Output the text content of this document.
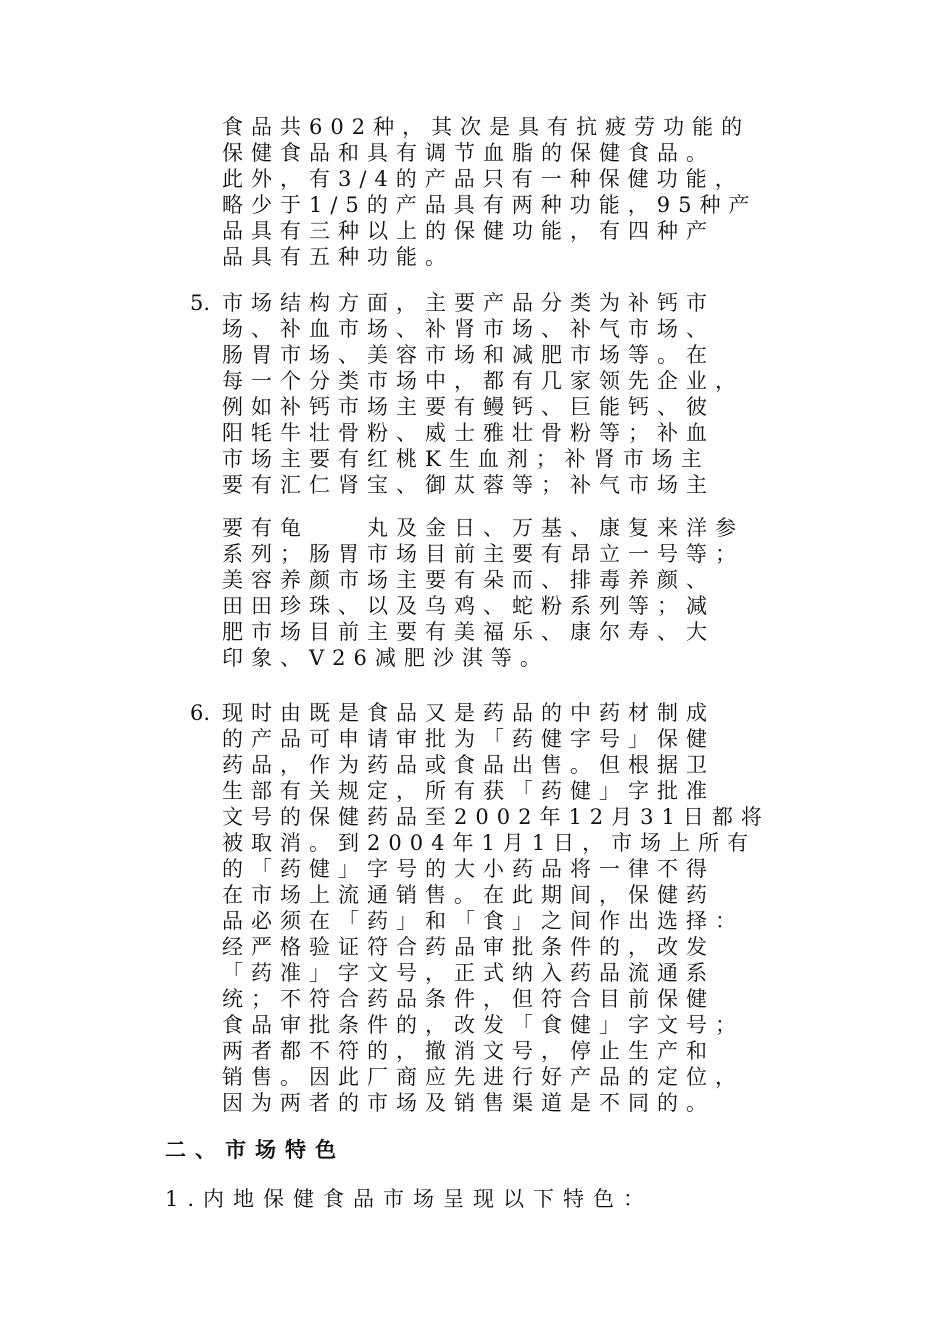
食品共602种，其次是具有抗疲劳功能的
保健食品和具有调节血脂的保健食品。
此外，有3/4的产品只有一种保健功能，
略少于1/5的产品具有两种功能，95种产
品具有三种以上的保健功能，有四种产
品具有五种功能。
5. 市场结构方面，主要产品分类为补钙市
场、补血市场、补肾市场、补气市场、
肠胃市场、美容市场和减肥市场等。在
每一个分类市场中，都有几家领先企业，
例如补钙市场主要有鳗钙、巨能钙、彼
阳牦牛壮骨粉、威士雅壮骨粉等；补血
市场主要有红桃K生血剂；补肾市场主
要有汇仁肾宝、御苁蓉等；补气市场主
要有龟　　丸及金日、万基、康复来洋参
系列；肠胃市场目前主要有昂立一号等；
美容养颜市场主要有朵而、排毒养颜、
田田珍珠、以及乌鸡、蛇粉系列等；减
肥市场目前主要有美福乐、康尔寿、大
印象、V26减肥沙淇等。
6. 现时由既是食品又是药品的中药材制成
的产品可申请审批为「药健字号」保健
药品，作为药品或食品出售。但根据卫
生部有关规定，所有获「药健」字批准
文号的保健药品至2002年12月31日都将
被取消。到2004年1月1日，市场上所有
的「药健」字号的大小药品将一律不得
在市场上流通销售。在此期间，保健药
品必须在「药」和「食」之间作出选择：
经严格验证符合药品审批条件的，改发
「药准」字文号，正式纳入药品流通系
统；不符合药品条件，但符合目前保健
食品审批条件的，改发「食健」字文号；
两者都不符的，撤消文号，停止生产和
销售。因此厂商应先进行好产品的定位，
因为两者的市场及销售渠道是不同的。
二、市场特色
1.内地保健食品市场呈现以下特色：
